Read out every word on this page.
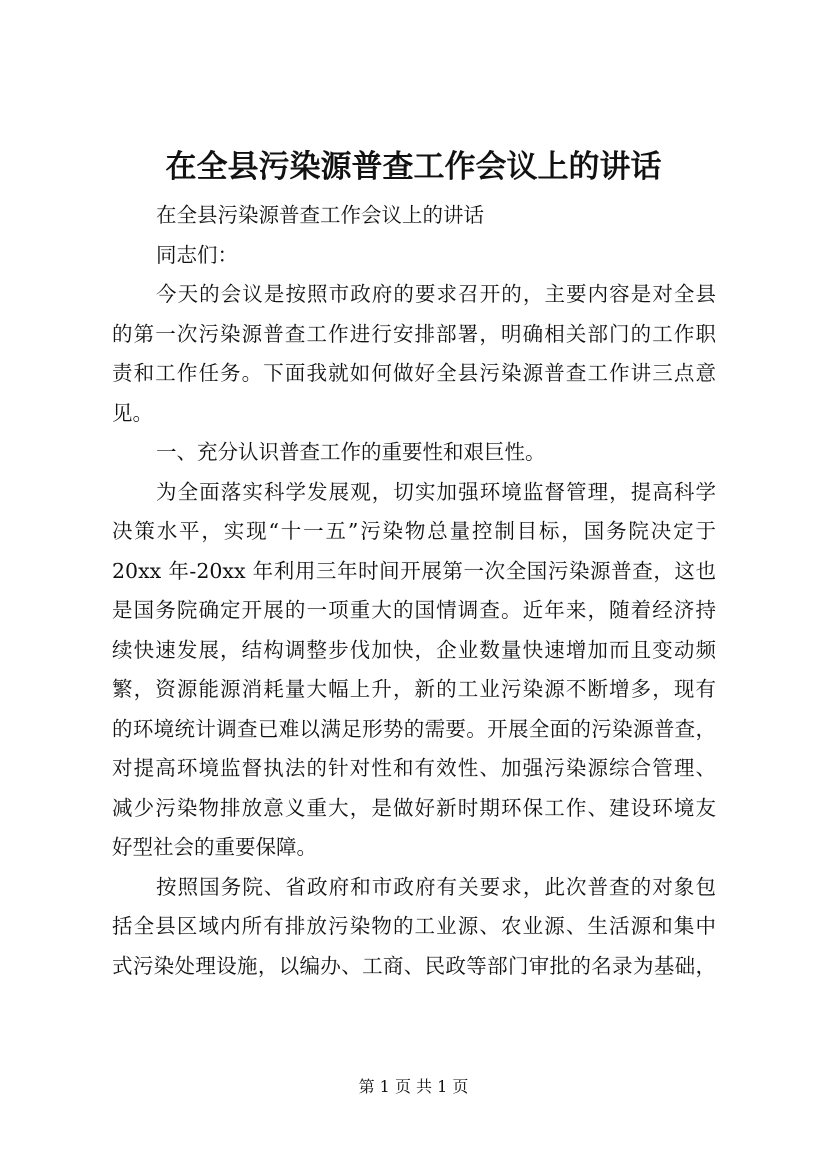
在全县污染源普查工作会议上的讲话
在全县污染源普查工作会议上的讲话
同志们：
今天的会议是按照市政府的要求召开的，主要内容是对全县
的第一次污染源普查工作进行安排部署，明确相关部门的工作职
责和工作任务。下面我就如何做好全县污染源普查工作讲三点意
见。
一、充分认识普查工作的重要性和艰巨性。
为全面落实科学发展观，切实加强环境监督管理，提高科学
决策水平，实现“十一五”污染物总量控制目标，国务院决定于
20xx 年-20xx 年利用三年时间开展第一次全国污染源普查，这也
是国务院确定开展的一项重大的国情调查。近年来，随着经济持
续快速发展，结构调整步伐加快，企业数量快速增加而且变动频
繁，资源能源消耗量大幅上升，新的工业污染源不断增多，现有
的环境统计调查已难以满足形势的需要。开展全面的污染源普查，
对提高环境监督执法的针对性和有效性、加强污染源综合管理、
减少污染物排放意义重大，是做好新时期环保工作、建设环境友
好型社会的重要保障。
按照国务院、省政府和市政府有关要求，此次普查的对象包
括全县区域内所有排放污染物的工业源、农业源、生活源和集中
式污染处理设施，以编办、工商、民政等部门审批的名录为基础，
第 1 页 共 1 页
